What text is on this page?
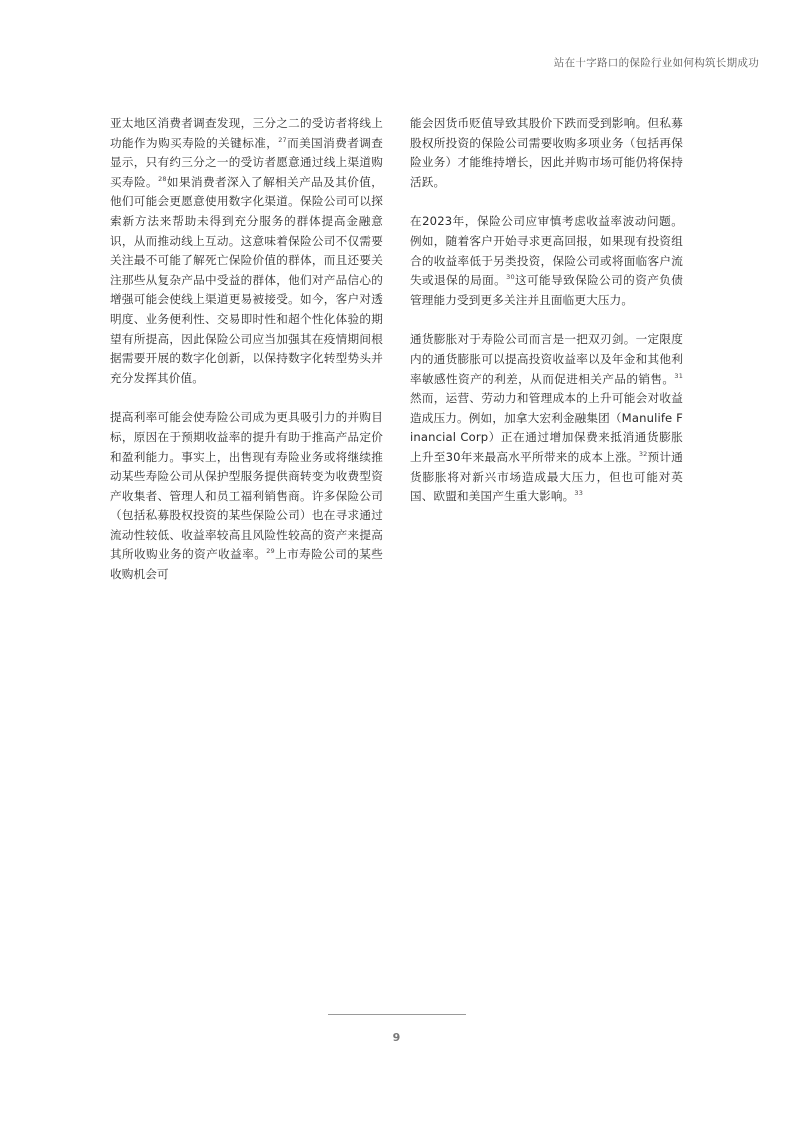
站在十字路口的保险行业如何构筑长期成功

亚太地区消费者调查发现，三分之二的受访者将线上功能作为购买寿险的关键标准，$^{27}$而美国消费者调查显示，只有约三分之一的受访者愿意通过线上渠道购买寿险。$^{28}$如果消费者深入了解相关产品及其价值，他们可能会更愿意使用数字化渠道。保险公司可以探索新方法来帮助未得到充分服务的群体提高金融意识，从而推动线上互动。这意味着保险公司不仅需要关注最不可能了解死亡保险价值的群体，而且还要关注那些从复杂产品中受益的群体，他们对产品信心的增强可能会使线上渠道更易被接受。如今，客户对透明度、业务便利性、交易即时性和超个性化体验的期望有所提高，因此保险公司应当加强其在疫情期间根据需要开展的数字化创新，以保持数字化转型势头并充分发挥其价值。

提高利率可能会使寿险公司成为更具吸引力的并购目标，原因在于预期收益率的提升有助于推高产品定价和盈利能力。事实上，出售现有寿险业务或将继续推动某些寿险公司从保护型服务提供商转变为收费型资产收集者、管理人和员工福利销售商。许多保险公司（包括私募股权投资的某些保险公司）也在寻求通过流动性较低、收益率较高且风险性较高的资产来提高其所收购业务的资产收益率。$^{29}$上市寿险公司的某些收购机会可

能会因货币贬值导致其股价下跌而受到影响。但私募股权所投资的保险公司需要收购多项业务（包括再保险业务）才能维持增长，因此并购市场可能仍将保持活跃。

在2023年，保险公司应审慎考虑收益率波动问题。例如，随着客户开始寻求更高回报，如果现有投资组合的收益率低于另类投资，保险公司或将面临客户流失或退保的局面。$^{30}$这可能导致保险公司的资产负债管理能力受到更多关注并且面临更大压力。

通货膨胀对于寿险公司而言是一把双刃剑。一定限度内的通货膨胀可以提高投资收益率以及年金和其他利率敏感性资产的利差，从而促进相关产品的销售。$^{31}$然而，运营、劳动力和管理成本的上升可能会对收益造成压力。例如，加拿大宏利金融集团（Manulife Financial Corp）正在通过增加保费来抵消通货膨胀上升至30年来最高水平所带来的成本上涨。$^{32}$预计通货膨胀将对新兴市场造成最大压力，但也可能对英国、欧盟和美国产生重大影响。$^{33}$

9
